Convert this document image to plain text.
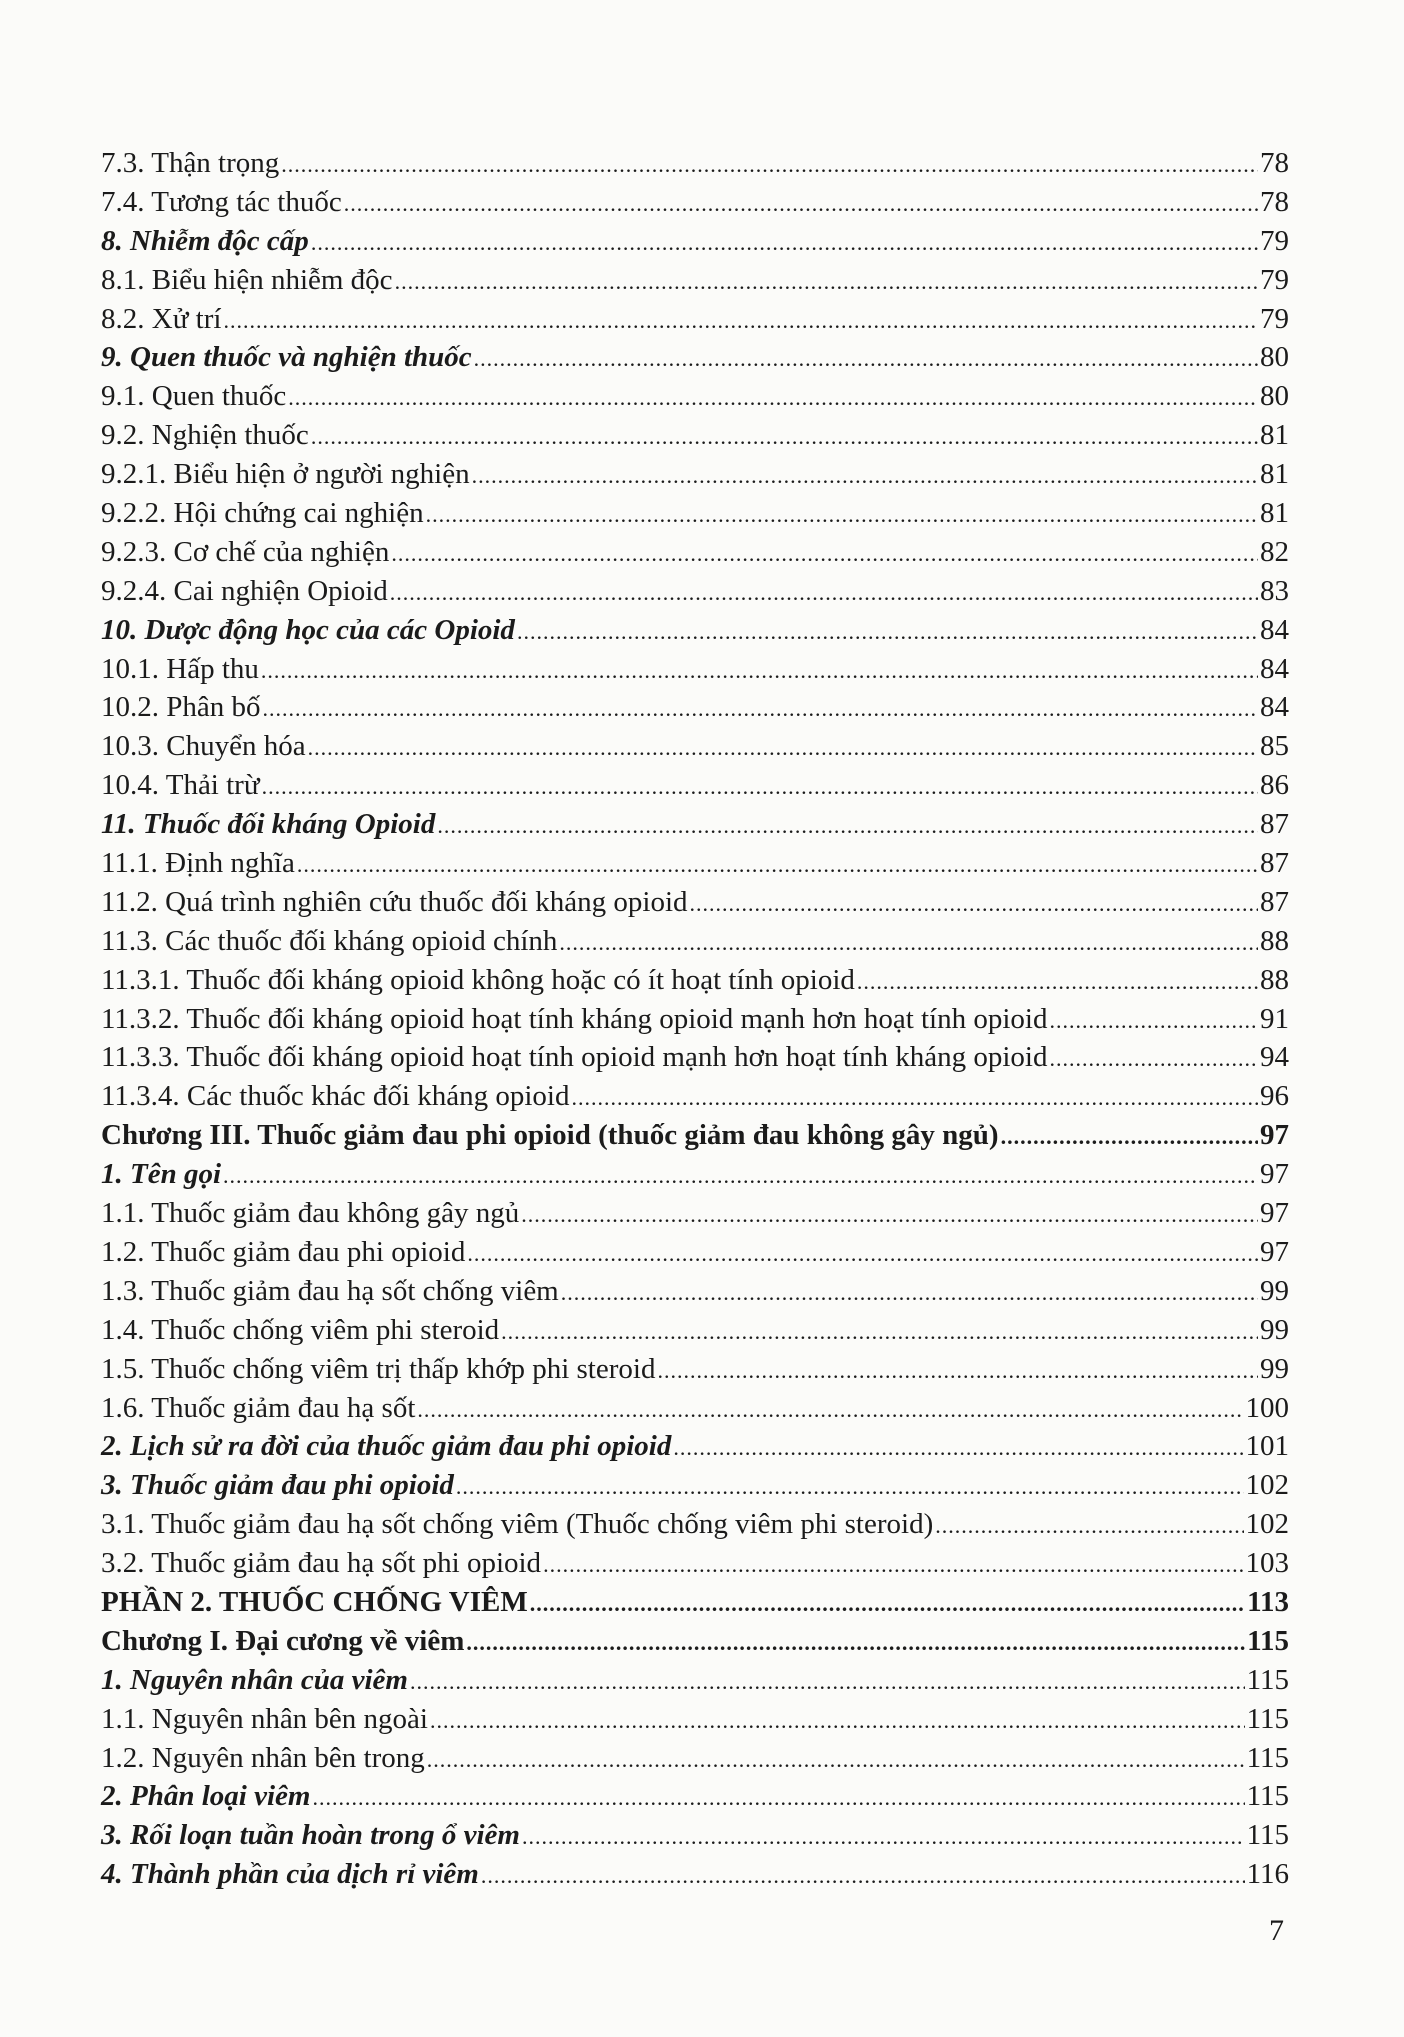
7.3. Thận trọng .....	78
7.4. Tương tác thuốc .....	78
8. Nhiễm độc cấp .....	79
8.1. Biểu hiện nhiễm độc .....	79
8.2. Xử trí .....	79
9. Quen thuốc và nghiện thuốc .....	80
9.1. Quen thuốc .....	80
9.2. Nghiện thuốc .....	81
9.2.1. Biểu hiện ở người nghiện .....	81
9.2.2. Hội chứng cai nghiện .....	81
9.2.3. Cơ chế của nghiện .....	82
9.2.4. Cai nghiện Opioid .....	83
10. Dược động học của các Opioid .....	84
10.1. Hấp thu .....	84
10.2. Phân bố .....	84
10.3. Chuyển hóa .....	85
10.4. Thải trừ .....	86
11. Thuốc đối kháng Opioid .....	87
11.1. Định nghĩa .....	87
11.2. Quá trình nghiên cứu thuốc đối kháng opioid .....	87
11.3. Các thuốc đối kháng opioid chính .....	88
11.3.1. Thuốc đối kháng opioid không hoặc có ít hoạt tính opioid .....	88
11.3.2. Thuốc đối kháng opioid hoạt tính kháng opioid mạnh hơn hoạt tính opioid .....	91
11.3.3. Thuốc đối kháng opioid hoạt tính opioid mạnh hơn hoạt tính kháng opioid .....	94
11.3.4. Các thuốc khác đối kháng opioid .....	96
Chương III. Thuốc giảm đau phi opioid (thuốc giảm đau không gây ngủ) .....	97
1. Tên gọi .....	97
1.1. Thuốc giảm đau không gây ngủ .....	97
1.2. Thuốc giảm đau phi opioid .....	97
1.3. Thuốc giảm đau hạ sốt chống viêm .....	99
1.4. Thuốc chống viêm phi steroid .....	99
1.5. Thuốc chống viêm trị thấp khớp phi steroid .....	99
1.6. Thuốc giảm đau hạ sốt .....	100
2. Lịch sử ra đời của thuốc giảm đau phi opioid .....	101
3. Thuốc giảm đau phi opioid .....	102
3.1. Thuốc giảm đau hạ sốt chống viêm (Thuốc chống viêm phi steroid) .....	102
3.2. Thuốc giảm đau hạ sốt phi opioid .....	103
PHẦN 2. THUỐC CHỐNG VIÊM .....	113
Chương I. Đại cương về viêm .....	115
1. Nguyên nhân của viêm .....	115
1.1. Nguyên nhân bên ngoài .....	115
1.2. Nguyên nhân bên trong .....	115
2. Phân loại viêm .....	115
3. Rối loạn tuần hoàn trong ổ viêm .....	115
4. Thành phần của dịch rỉ viêm .....	116
7
